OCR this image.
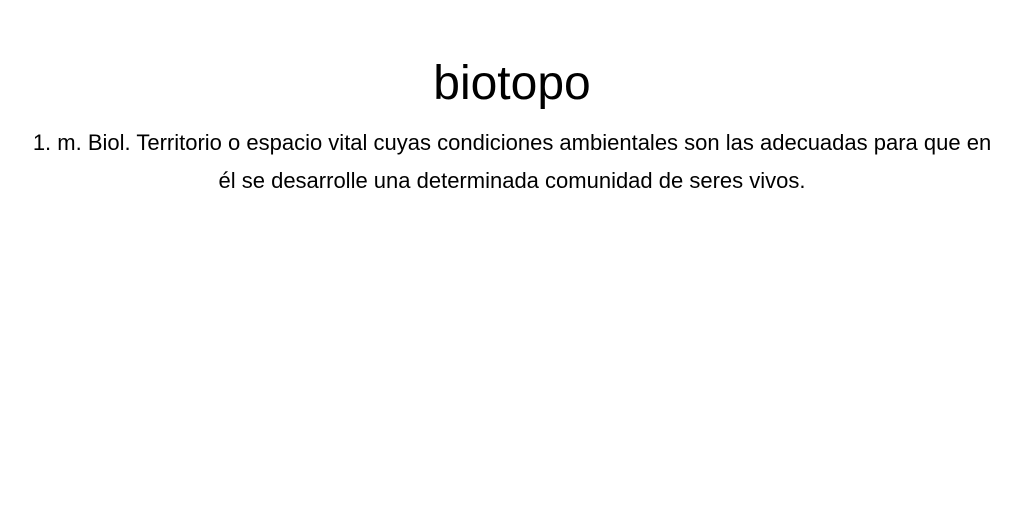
biotopo

1. m. Biol. Territorio o espacio vital cuyas condiciones ambientales son las adecuadas para que en él se desarrolle una determinada comunidad de seres vivos.
